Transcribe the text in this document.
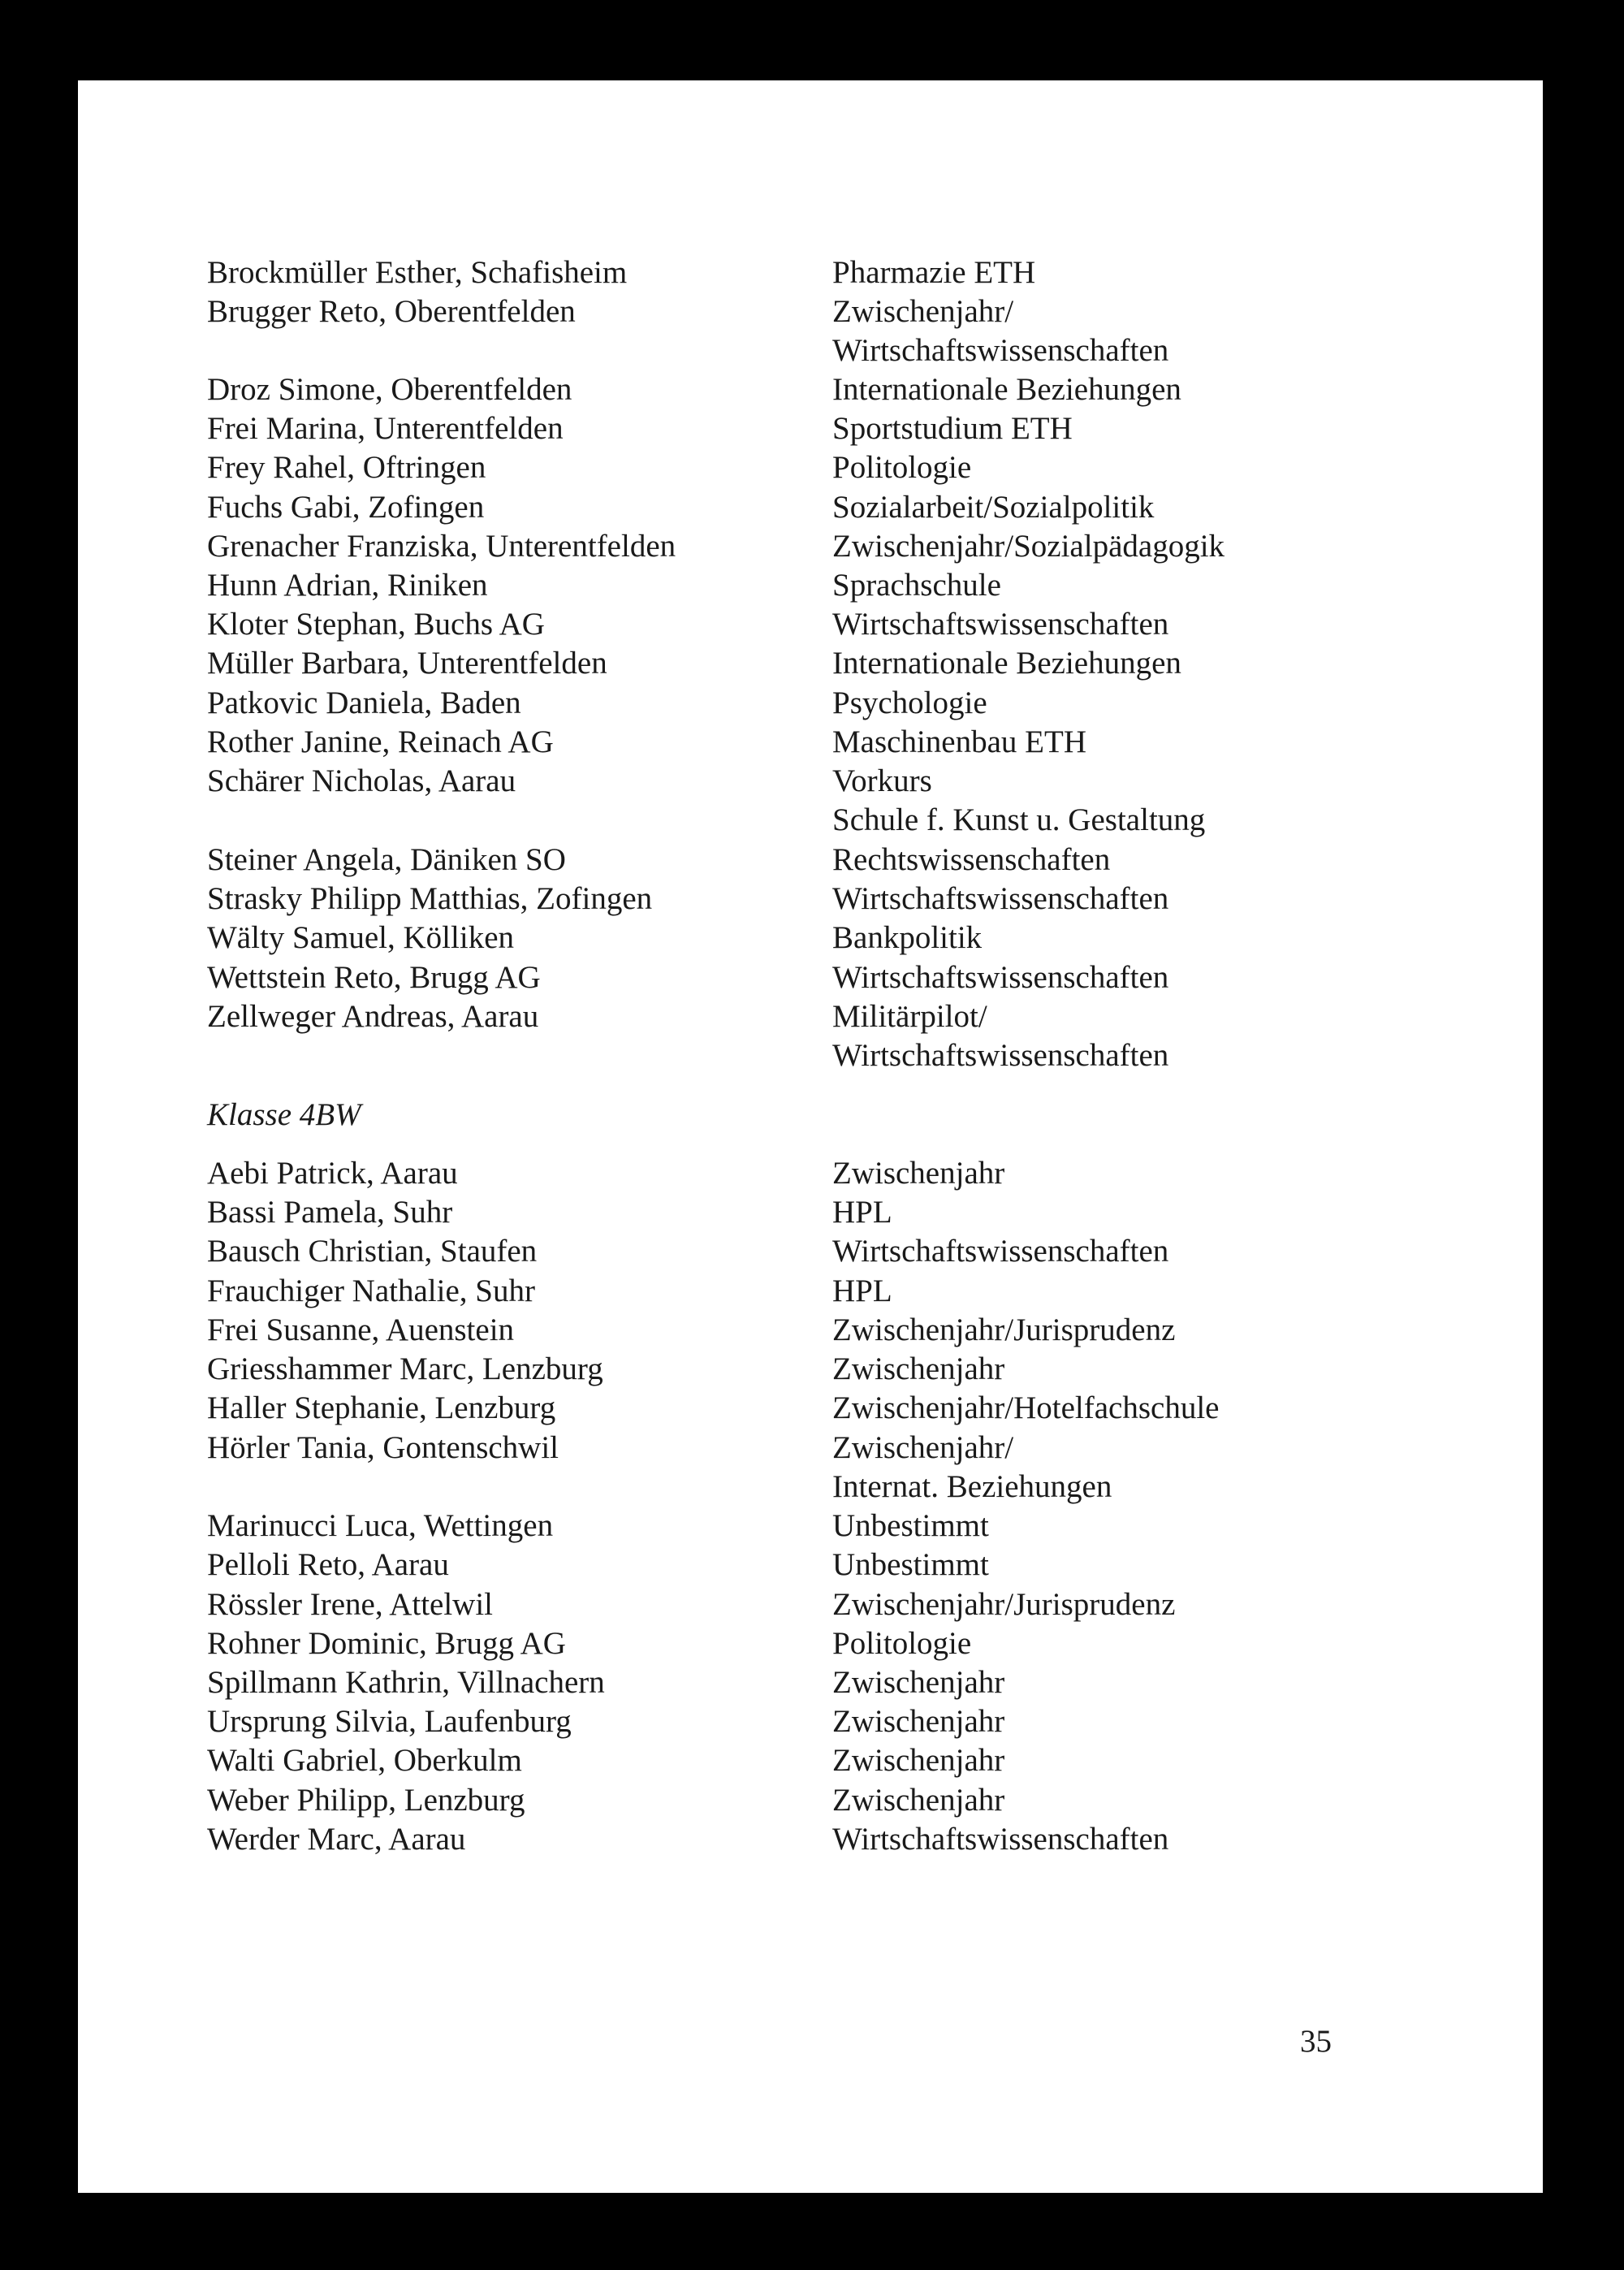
Brockmüller Esther, Schafisheim
Brugger Reto, Oberentfelden
Droz Simone, Oberentfelden
Frei Marina, Unterentfelden
Frey Rahel, Oftringen
Fuchs Gabi, Zofingen
Grenacher Franziska, Unterentfelden
Hunn Adrian, Riniken
Kloter Stephan, Buchs AG
Müller Barbara, Unterentfelden
Patkovic Daniela, Baden
Rother Janine, Reinach AG
Schärer Nicholas, Aarau
Steiner Angela, Däniken SO
Strasky Philipp Matthias, Zofingen
Wälty Samuel, Kölliken
Wettstein Reto, Brugg AG
Zellweger Andreas, Aarau
Pharmazie ETH
Zwischenjahr/
Wirtschaftswissenschaften
Internationale Beziehungen
Sportstudium ETH
Politologie
Sozialarbeit/Sozialpolitik
Zwischenjahr/Sozialpädagogik
Sprachschule
Wirtschaftswissenschaften
Internationale Beziehungen
Psychologie
Maschinenbau ETH
Vorkurs
Schule f. Kunst u. Gestaltung
Rechtswissenschaften
Wirtschaftswissenschaften
Bankpolitik
Wirtschaftswissenschaften
Militärpilot/
Wirtschaftswissenschaften
Klasse 4BW
Aebi Patrick, Aarau
Bassi Pamela, Suhr
Bausch Christian, Staufen
Frauchiger Nathalie, Suhr
Frei Susanne, Auenstein
Griesshammer Marc, Lenzburg
Haller Stephanie, Lenzburg
Hörler Tania, Gontenschwil
Marinucci Luca, Wettingen
Pelloli Reto, Aarau
Rössler Irene, Attelwil
Rohner Dominic, Brugg AG
Spillmann Kathrin, Villnachern
Ursprung Silvia, Laufenburg
Walti Gabriel, Oberkulm
Weber Philipp, Lenzburg
Werder Marc, Aarau
Zwischenjahr
HPL
Wirtschaftswissenschaften
HPL
Zwischenjahr/Jurisprudenz
Zwischenjahr
Zwischenjahr/Hotelfachschule
Zwischenjahr/
Internat. Beziehungen
Unbestimmt
Unbestimmt
Zwischenjahr/Jurisprudenz
Politologie
Zwischenjahr
Zwischenjahr
Zwischenjahr
Zwischenjahr
Wirtschaftswissenschaften
35
